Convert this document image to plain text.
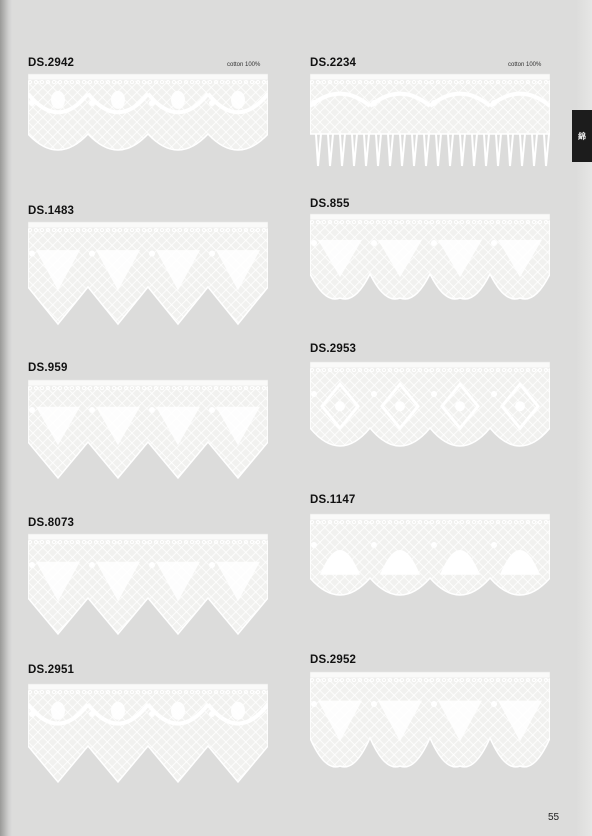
綿
DS.2942	cotton 100%
DS.1483
DS.959
DS.8073
DS.2951
DS.2234	cotton 100%
DS.855
DS.2953
DS.1147
DS.2952
55
